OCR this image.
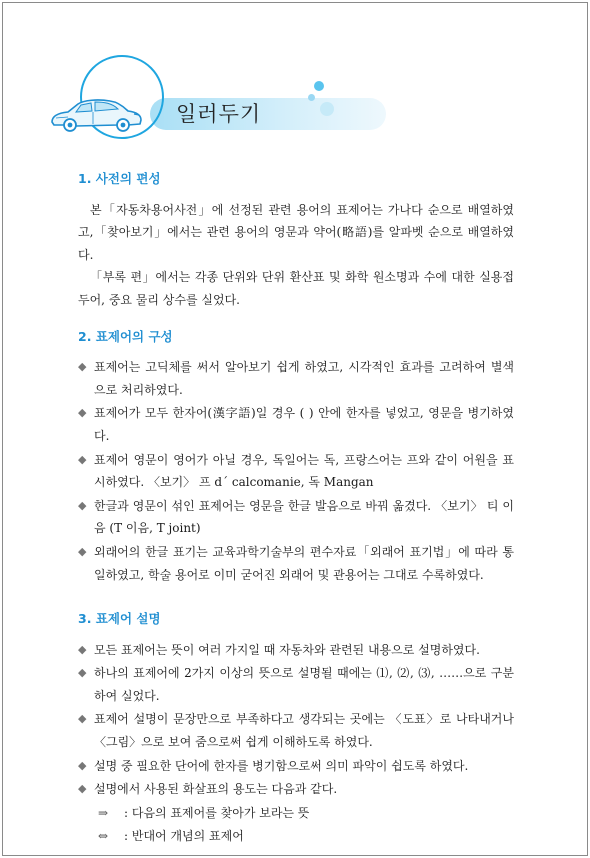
일러두기
1. 사전의 편성

본「자동차용어사전」에 선정된 관련 용어의 표제어는 가나다 순으로 배열하였고,「찾아보기」에서는 관련 용어의 영문과 약어(略語)를 알파벳 순으로 배열하였다.

「부록 편」에서는 각종 단위와 단위 환산표 및 화학 원소명과 수에 대한 실용접두어, 중요 물리 상수를 실었다.

2. 표제어의 구성
◆ 표제어는 고딕체를 써서 알아보기 쉽게 하였고, 시각적인 효과를 고려하여 별색으로 처리하였다.
◆ 표제어가 모두 한자어(漢字語)일 경우 ( ) 안에 한자를 넣었고, 영문을 병기하였다.
◆ 표제어 영문이 영어가 아닐 경우, 독일어는 독, 프랑스어는 프와 같이 어원을 표시하였다. 〈보기〉 프 d´ calcomanie, 독 Mangan
◆ 한글과 영문이 섞인 표제어는 영문을 한글 발음으로 바꿔 옮겼다. 〈보기〉 티 이음 (T 이음, T joint)
◆ 외래어의 한글 표기는 교육과학기술부의 편수자료「외래어 표기법」에 따라 통일하였고, 학술 용어로 이미 굳어진 외래어 및 관용어는 그대로 수록하였다.
3. 표제어 설명
◆ 모든 표제어는 뜻이 여러 가지일 때 자동차와 관련된 내용으로 설명하였다.
◆ 하나의 표제어에 2가지 이상의 뜻으로 설명될 때에는 ⑴, ⑵, ⑶, ……으로 구분하여 실었다.
◆ 표제어 설명이 문장만으로 부족하다고 생각되는 곳에는 〈도표〉로 나타내거나 〈그림〉으로 보여 줌으로써 쉽게 이해하도록 하였다.
◆ 설명 중 필요한 단어에 한자를 병기함으로써 의미 파악이 쉽도록 하였다.
◆ 설명에서 사용된 화살표의 용도는 다음과 같다.
⇒ : 다음의 표제어를 찾아가 보라는 뜻
⇔ : 반대어 개념의 표제어
